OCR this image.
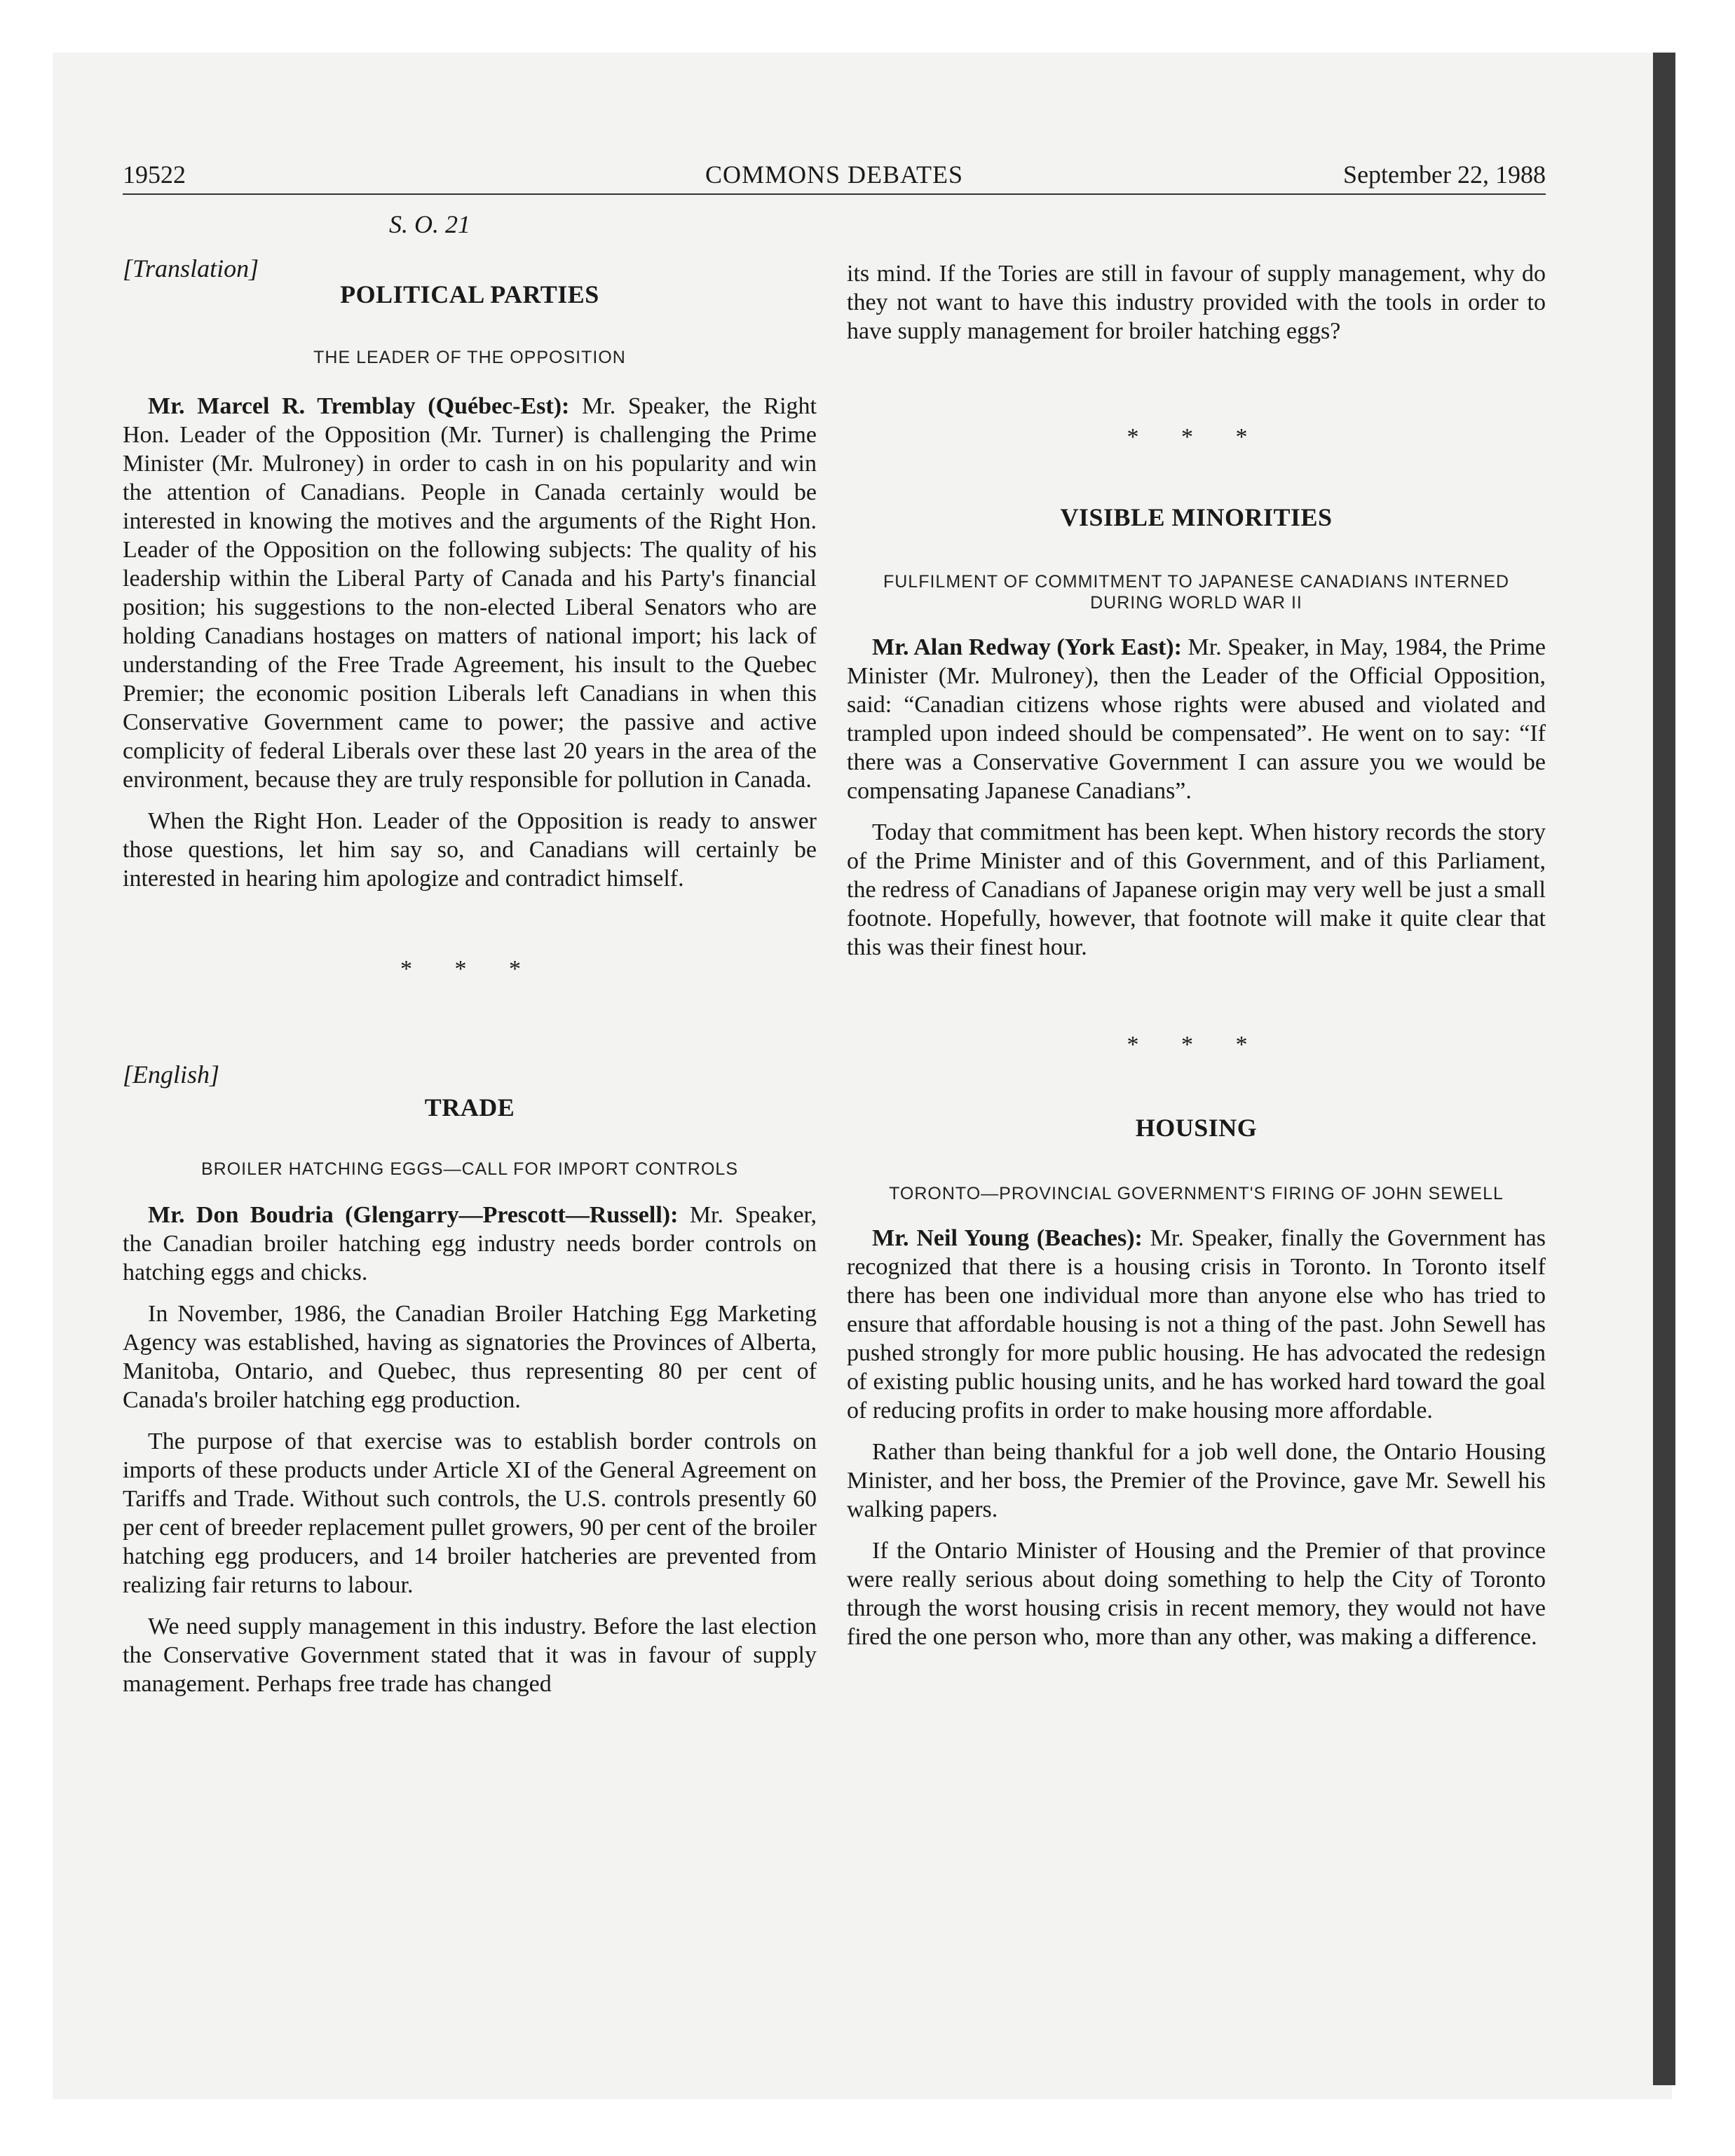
19522	COMMONS DEBATES	September 22, 1988
S. O. 21
[Translation]
POLITICAL PARTIES
THE LEADER OF THE OPPOSITION

Mr. Marcel R. Tremblay (Québec-Est): Mr. Speaker, the Right Hon. Leader of the Opposition (Mr. Turner) is challenging the Prime Minister (Mr. Mulroney) in order to cash in on his popularity and win the attention of Canadians. People in Canada certainly would be interested in knowing the motives and the arguments of the Right Hon. Leader of the Opposition on the following subjects: The quality of his leadership within the Liberal Party of Canada and his Party's financial position; his suggestions to the non-elected Liberal Senators who are holding Canadians hostages on matters of national import; his lack of understanding of the Free Trade Agreement, his insult to the Quebec Premier; the economic position Liberals left Canadians in when this Conservative Government came to power; the passive and active complicity of federal Liberals over these last 20 years in the area of the environment, because they are truly responsible for pollution in Canada.

When the Right Hon. Leader of the Opposition is ready to answer those questions, let him say so, and Canadians will certainly be interested in hearing him apologize and contradict himself.

* * *
[English]
TRADE
BROILER HATCHING EGGS—CALL FOR IMPORT CONTROLS

Mr. Don Boudria (Glengarry—Prescott—Russell): Mr. Speaker, the Canadian broiler hatching egg industry needs border controls on hatching eggs and chicks.

In November, 1986, the Canadian Broiler Hatching Egg Marketing Agency was established, having as signatories the Provinces of Alberta, Manitoba, Ontario, and Quebec, thus representing 80 per cent of Canada's broiler hatching egg production.

The purpose of that exercise was to establish border controls on imports of these products under Article XI of the General Agreement on Tariffs and Trade. Without such controls, the U.S. controls presently 60 per cent of breeder replacement pullet growers, 90 per cent of the broiler hatching egg producers, and 14 broiler hatcheries are prevented from realizing fair returns to labour.

We need supply management in this industry. Before the last election the Conservative Government stated that it was in favour of supply management. Perhaps free trade has changed

its mind. If the Tories are still in favour of supply management, why do they not want to have this industry provided with the tools in order to have supply management for broiler hatching eggs?

* * *
VISIBLE MINORITIES
FULFILMENT OF COMMITMENT TO JAPANESE CANADIANS INTERNED DURING WORLD WAR II

Mr. Alan Redway (York East): Mr. Speaker, in May, 1984, the Prime Minister (Mr. Mulroney), then the Leader of the Official Opposition, said: “Canadian citizens whose rights were abused and violated and trampled upon indeed should be compensated”. He went on to say: “If there was a Conservative Government I can assure you we would be compensating Japanese Canadians”.

Today that commitment has been kept. When history records the story of the Prime Minister and of this Government, and of this Parliament, the redress of Canadians of Japanese origin may very well be just a small footnote. Hopefully, however, that footnote will make it quite clear that this was their finest hour.

* * *
HOUSING
TORONTO—PROVINCIAL GOVERNMENT'S FIRING OF JOHN SEWELL

Mr. Neil Young (Beaches): Mr. Speaker, finally the Government has recognized that there is a housing crisis in Toronto. In Toronto itself there has been one individual more than anyone else who has tried to ensure that affordable housing is not a thing of the past. John Sewell has pushed strongly for more public housing. He has advocated the redesign of existing public housing units, and he has worked hard toward the goal of reducing profits in order to make housing more affordable.

Rather than being thankful for a job well done, the Ontario Housing Minister, and her boss, the Premier of the Province, gave Mr. Sewell his walking papers.

If the Ontario Minister of Housing and the Premier of that province were really serious about doing something to help the City of Toronto through the worst housing crisis in recent memory, they would not have fired the one person who, more than any other, was making a difference.
